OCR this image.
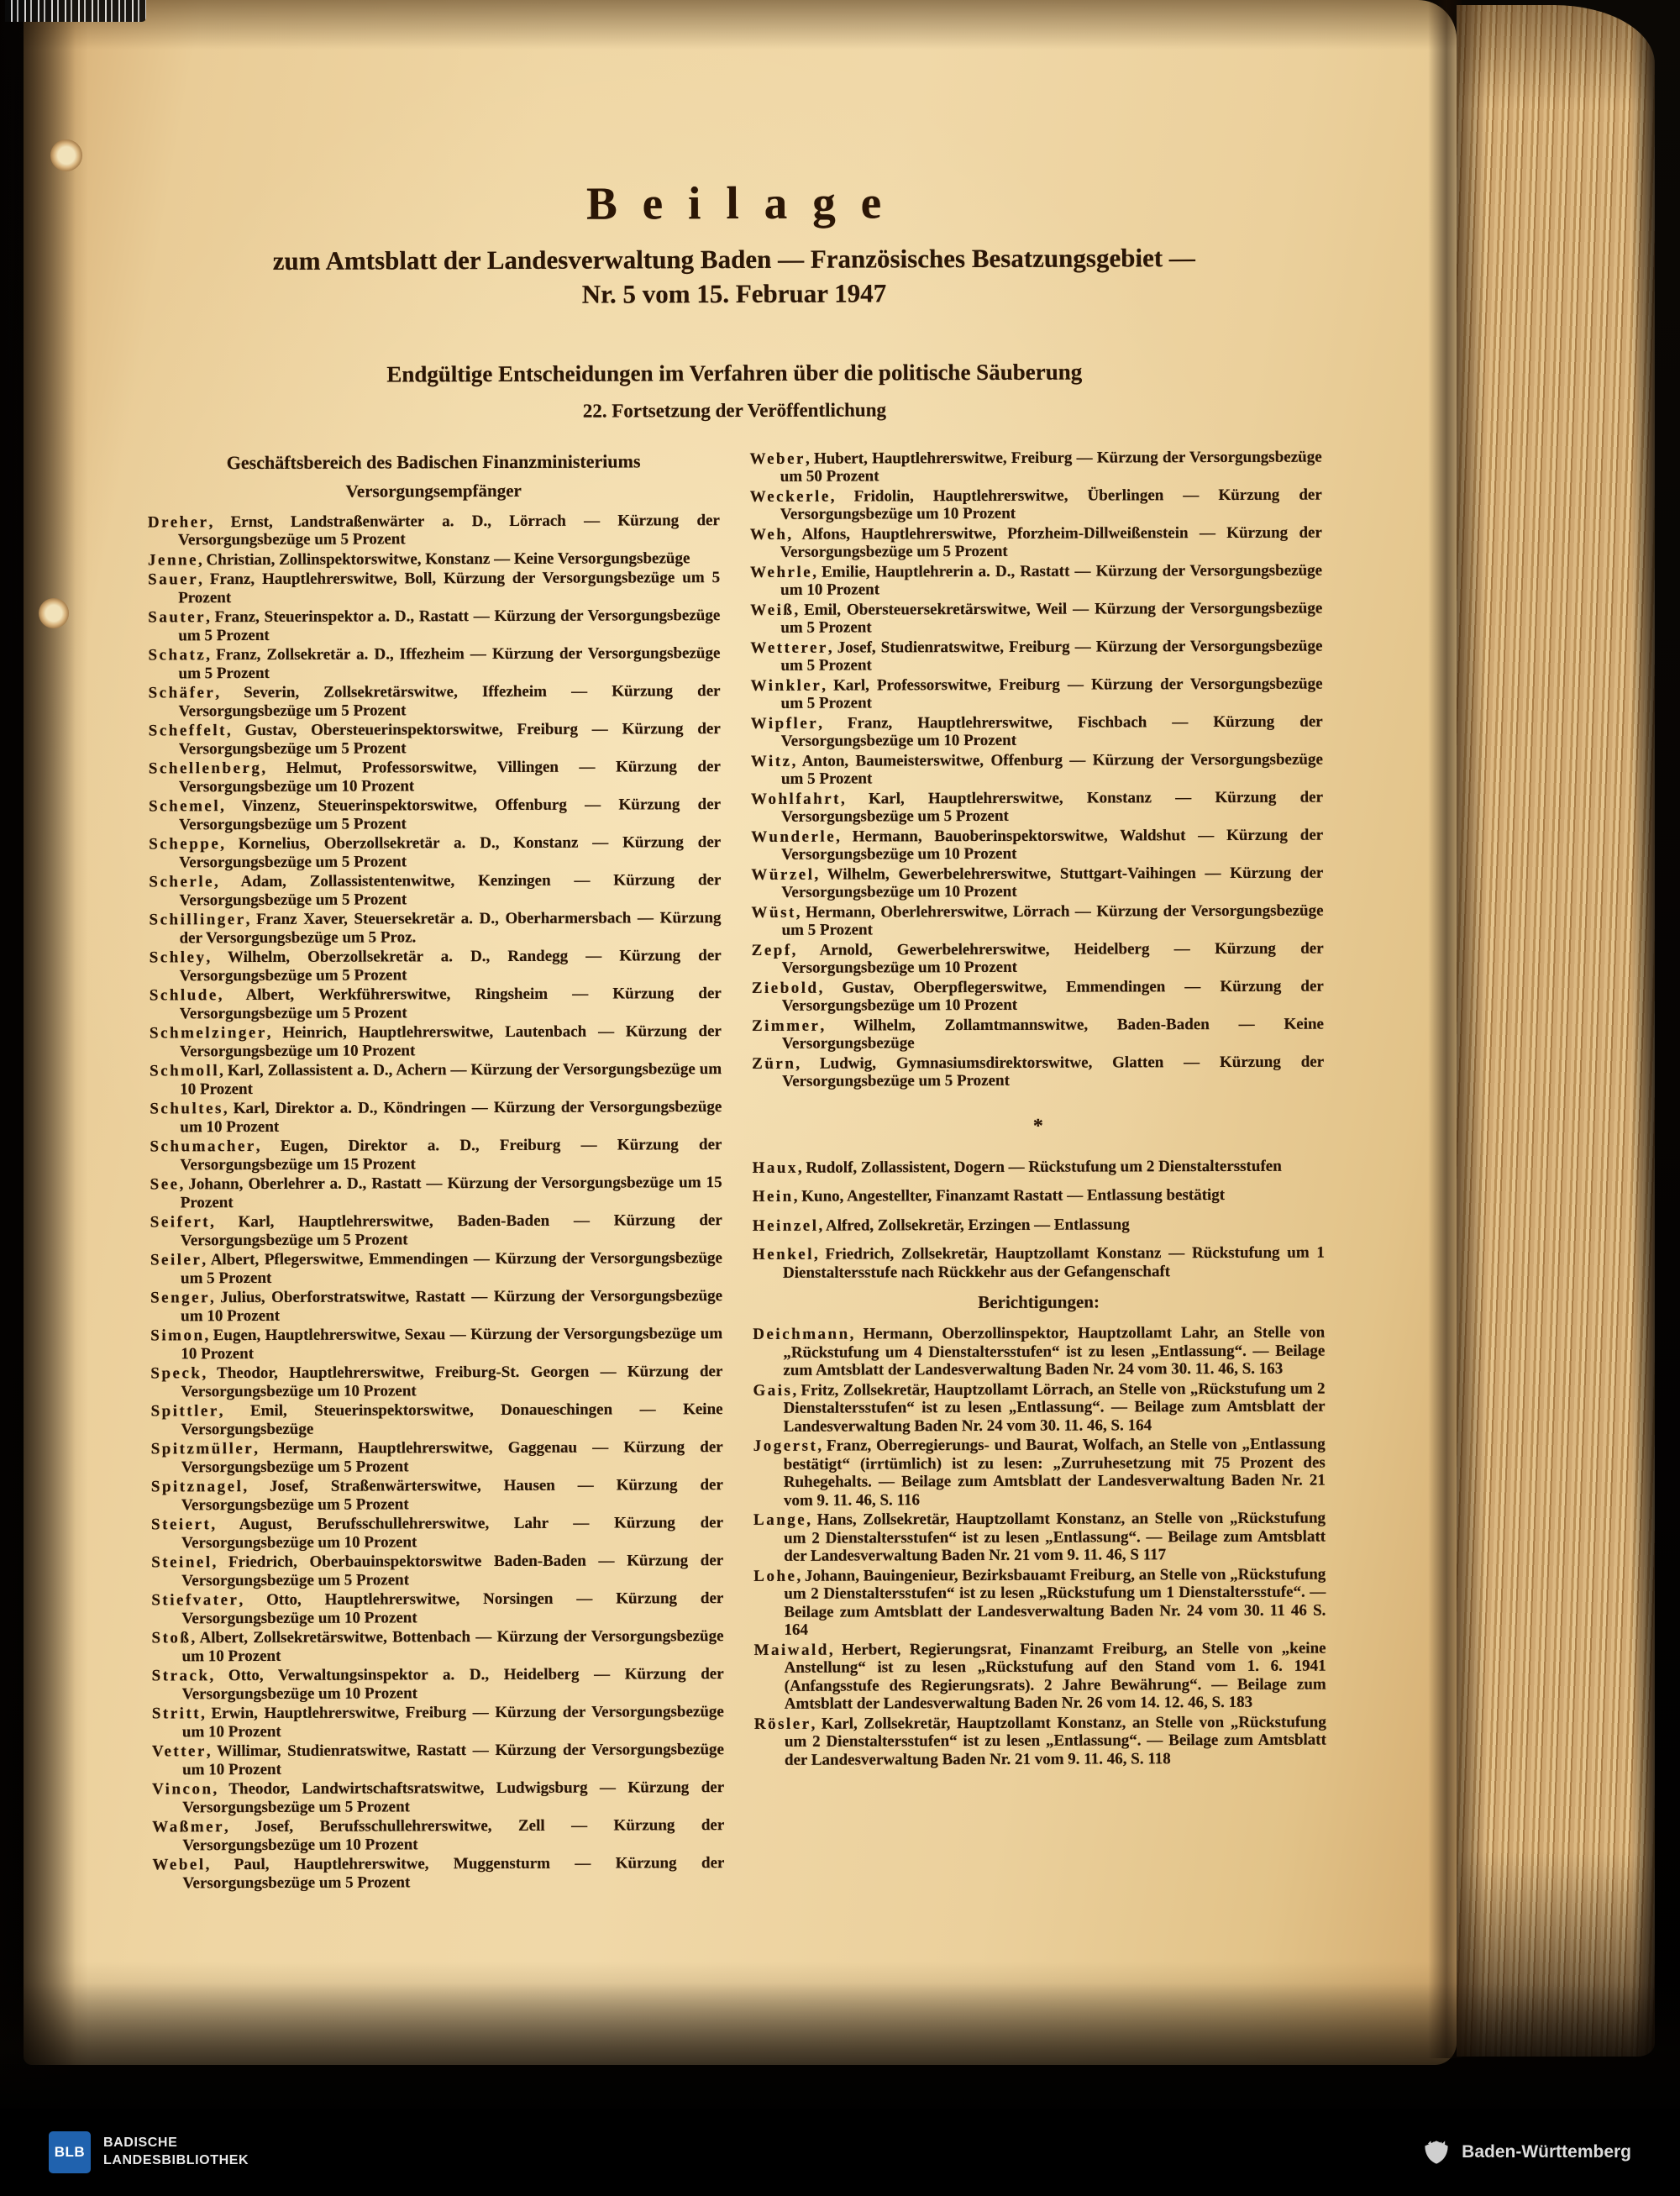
Beilage
zum Amtsblatt der Landesverwaltung Baden — Französisches Besatzungsgebiet —
Nr. 5 vom 15. Februar 1947
Endgültige Entscheidungen im Verfahren über die politische Säuberung
22. Fortsetzung der Veröffentlichung
Geschäftsbereich des Badischen Finanzministeriums
Versorgungsempfänger

Dreher, Ernst, Landstraßenwärter a. D., Lörrach — Kürzung der Versorgungsbezüge um 5 Prozent

Jenne, Christian, Zollinspektorswitwe, Konstanz — Keine Versorgungsbezüge

Sauer, Franz, Hauptlehrerswitwe, Boll, Kürzung der Versorgungsbezüge um 5 Prozent

Sauter, Franz, Steuerinspektor a. D., Rastatt — Kürzung der Versorgungsbezüge um 5 Prozent

Schatz, Franz, Zollsekretär a. D., Iffezheim — Kürzung der Versorgungsbezüge um 5 Prozent

Schäfer, Severin, Zollsekretärswitwe, Iffezheim — Kürzung der Versorgungsbezüge um 5 Prozent

Scheffelt, Gustav, Obersteuerinspektorswitwe, Freiburg — Kürzung der Versorgungsbezüge um 5 Prozent

Schellenberg, Helmut, Professorswitwe, Villingen — Kürzung der Versorgungsbezüge um 10 Prozent

Schemel, Vinzenz, Steuerinspektorswitwe, Offenburg — Kürzung der Versorgungsbezüge um 5 Prozent

Scheppe, Kornelius, Oberzollsekretär a. D., Konstanz — Kürzung der Versorgungsbezüge um 5 Prozent

Scherle, Adam, Zollassistentenwitwe, Kenzingen — Kürzung der Versorgungsbezüge um 5 Prozent

Schillinger, Franz Xaver, Steuersekretär a. D., Oberharmersbach — Kürzung der Versorgungsbezüge um 5 Proz.

Schley, Wilhelm, Oberzollsekretär a. D., Randegg — Kürzung der Versorgungsbezüge um 5 Prozent

Schlude, Albert, Werkführerswitwe, Ringsheim — Kürzung der Versorgungsbezüge um 5 Prozent

Schmelzinger, Heinrich, Hauptlehrerswitwe, Lautenbach — Kürzung der Versorgungsbezüge um 10 Prozent

Schmoll, Karl, Zollassistent a. D., Achern — Kürzung der Versorgungsbezüge um 10 Prozent

Schultes, Karl, Direktor a. D., Köndringen — Kürzung der Versorgungsbezüge um 10 Prozent

Schumacher, Eugen, Direktor a. D., Freiburg — Kürzung der Versorgungsbezüge um 15 Prozent

See, Johann, Oberlehrer a. D., Rastatt — Kürzung der Versorgungsbezüge um 15 Prozent

Seifert, Karl, Hauptlehrerswitwe, Baden-Baden — Kürzung der Versorgungsbezüge um 5 Prozent

Seiler, Albert, Pflegerswitwe, Emmendingen — Kürzung der Versorgungsbezüge um 5 Prozent

Senger, Julius, Oberforstratswitwe, Rastatt — Kürzung der Versorgungsbezüge um 10 Prozent

Simon, Eugen, Hauptlehrerswitwe, Sexau — Kürzung der Versorgungsbezüge um 10 Prozent

Speck, Theodor, Hauptlehrerswitwe, Freiburg-St. Georgen — Kürzung der Versorgungsbezüge um 10 Prozent

Spittler, Emil, Steuerinspektorswitwe, Donaueschingen — Keine Versorgungsbezüge

Spitzmüller, Hermann, Hauptlehrerswitwe, Gaggenau — Kürzung der Versorgungsbezüge um 5 Prozent

Spitznagel, Josef, Straßenwärterswitwe, Hausen — Kürzung der Versorgungsbezüge um 5 Prozent

Steiert, August, Berufsschullehrerswitwe, Lahr — Kürzung der Versorgungsbezüge um 10 Prozent

Steinel, Friedrich, Oberbauinspektorswitwe Baden-Baden — Kürzung der Versorgungsbezüge um 5 Prozent

Stiefvater, Otto, Hauptlehrerswitwe, Norsingen — Kürzung der Versorgungsbezüge um 10 Prozent

Stoß, Albert, Zollsekretärswitwe, Bottenbach — Kürzung der Versorgungsbezüge um 10 Prozent

Strack, Otto, Verwaltungsinspektor a. D., Heidelberg — Kürzung der Versorgungsbezüge um 10 Prozent

Stritt, Erwin, Hauptlehrerswitwe, Freiburg — Kürzung der Versorgungsbezüge um 10 Prozent

Vetter, Willimar, Studienratswitwe, Rastatt — Kürzung der Versorgungsbezüge um 10 Prozent

Vincon, Theodor, Landwirtschaftsratswitwe, Ludwigsburg — Kürzung der Versorgungsbezüge um 5 Prozent

Waßmer, Josef, Berufsschullehrerswitwe, Zell — Kürzung der Versorgungsbezüge um 10 Prozent

Webel, Paul, Hauptlehrerswitwe, Muggensturm — Kürzung der Versorgungsbezüge um 5 Prozent

Weber, Hubert, Hauptlehrerswitwe, Freiburg — Kürzung der Versorgungsbezüge um 50 Prozent

Weckerle, Fridolin, Hauptlehrerswitwe, Überlingen — Kürzung der Versorgungsbezüge um 10 Prozent

Weh, Alfons, Hauptlehrerswitwe, Pforzheim-Dillweißenstein — Kürzung der Versorgungsbezüge um 5 Prozent

Wehrle, Emilie, Hauptlehrerin a. D., Rastatt — Kürzung der Versorgungsbezüge um 10 Prozent

Weiß, Emil, Obersteuersekretärswitwe, Weil — Kürzung der Versorgungsbezüge um 5 Prozent

Wetterer, Josef, Studienratswitwe, Freiburg — Kürzung der Versorgungsbezüge um 5 Prozent

Winkler, Karl, Professorswitwe, Freiburg — Kürzung der Versorgungsbezüge um 5 Prozent

Wipfler, Franz, Hauptlehrerswitwe, Fischbach — Kürzung der Versorgungsbezüge um 10 Prozent

Witz, Anton, Baumeisterswitwe, Offenburg — Kürzung der Versorgungsbezüge um 5 Prozent

Wohlfahrt, Karl, Hauptlehrerswitwe, Konstanz — Kürzung der Versorgungsbezüge um 5 Prozent

Wunderle, Hermann, Bauoberinspektorswitwe, Waldshut — Kürzung der Versorgungsbezüge um 10 Prozent

Würzel, Wilhelm, Gewerbelehrerswitwe, Stuttgart-Vaihingen — Kürzung der Versorgungsbezüge um 10 Prozent

Wüst, Hermann, Oberlehrerswitwe, Lörrach — Kürzung der Versorgungsbezüge um 5 Prozent

Zepf, Arnold, Gewerbelehrerswitwe, Heidelberg — Kürzung der Versorgungsbezüge um 10 Prozent

Ziebold, Gustav, Oberpflegerswitwe, Emmendingen — Kürzung der Versorgungsbezüge um 10 Prozent

Zimmer, Wilhelm, Zollamtmannswitwe, Baden-Baden — Keine Versorgungsbezüge

Zürn, Ludwig, Gymnasiumsdirektorswitwe, Glatten — Kürzung der Versorgungsbezüge um 5 Prozent

*

Haux, Rudolf, Zollassistent, Dogern — Rückstufung um 2 Dienstaltersstufen

Hein, Kuno, Angestellter, Finanzamt Rastatt — Entlassung bestätigt

Heinzel, Alfred, Zollsekretär, Erzingen — Entlassung

Henkel, Friedrich, Zollsekretär, Hauptzollamt Konstanz — Rückstufung um 1 Dienstaltersstufe nach Rückkehr aus der Gefangenschaft

Berichtigungen:

Deichmann, Hermann, Oberzollinspektor, Hauptzollamt Lahr, an Stelle von „Rückstufung um 4 Dienstaltersstufen“ ist zu lesen „Entlassung“. — Beilage zum Amtsblatt der Landesverwaltung Baden Nr. 24 vom 30. 11. 46, S. 163

Gais, Fritz, Zollsekretär, Hauptzollamt Lörrach, an Stelle von „Rückstufung um 2 Dienstaltersstufen“ ist zu lesen „Entlassung“. — Beilage zum Amtsblatt der Landesverwaltung Baden Nr. 24 vom 30. 11. 46, S. 164

Jogerst, Franz, Oberregierungs- und Baurat, Wolfach, an Stelle von „Entlassung bestätigt“ (irrtümlich) ist zu lesen: „Zurruhesetzung mit 75 Prozent des Ruhegehalts. — Beilage zum Amtsblatt der Landesverwaltung Baden Nr. 21 vom 9. 11. 46, S. 116

Lange, Hans, Zollsekretär, Hauptzollamt Konstanz, an Stelle von „Rückstufung um 2 Dienstaltersstufen“ ist zu lesen „Entlassung“. — Beilage zum Amtsblatt der Landesverwaltung Baden Nr. 21 vom 9. 11. 46, S 117

Lohe, Johann, Bauingenieur, Bezirksbauamt Freiburg, an Stelle von „Rückstufung um 2 Dienstaltersstufen“ ist zu lesen „Rückstufung um 1 Dienstaltersstufe“. — Beilage zum Amtsblatt der Landesverwaltung Baden Nr. 24 vom 30. 11 46 S. 164

Maiwald, Herbert, Regierungsrat, Finanzamt Freiburg, an Stelle von „keine Anstellung“ ist zu lesen „Rückstufung auf den Stand vom 1. 6. 1941 (Anfangsstufe des Regierungsrats). 2 Jahre Bewährung“. — Beilage zum Amtsblatt der Landesverwaltung Baden Nr. 26 vom 14. 12. 46, S. 183

Rösler, Karl, Zollsekretär, Hauptzollamt Konstanz, an Stelle von „Rückstufung um 2 Dienstaltersstufen“ ist zu lesen „Entlassung“. — Beilage zum Amtsblatt der Landesverwaltung Baden Nr. 21 vom 9. 11. 46, S. 118

BLB
BADISCHE
LANDESBIBLIOTHEK	Baden-Württemberg
